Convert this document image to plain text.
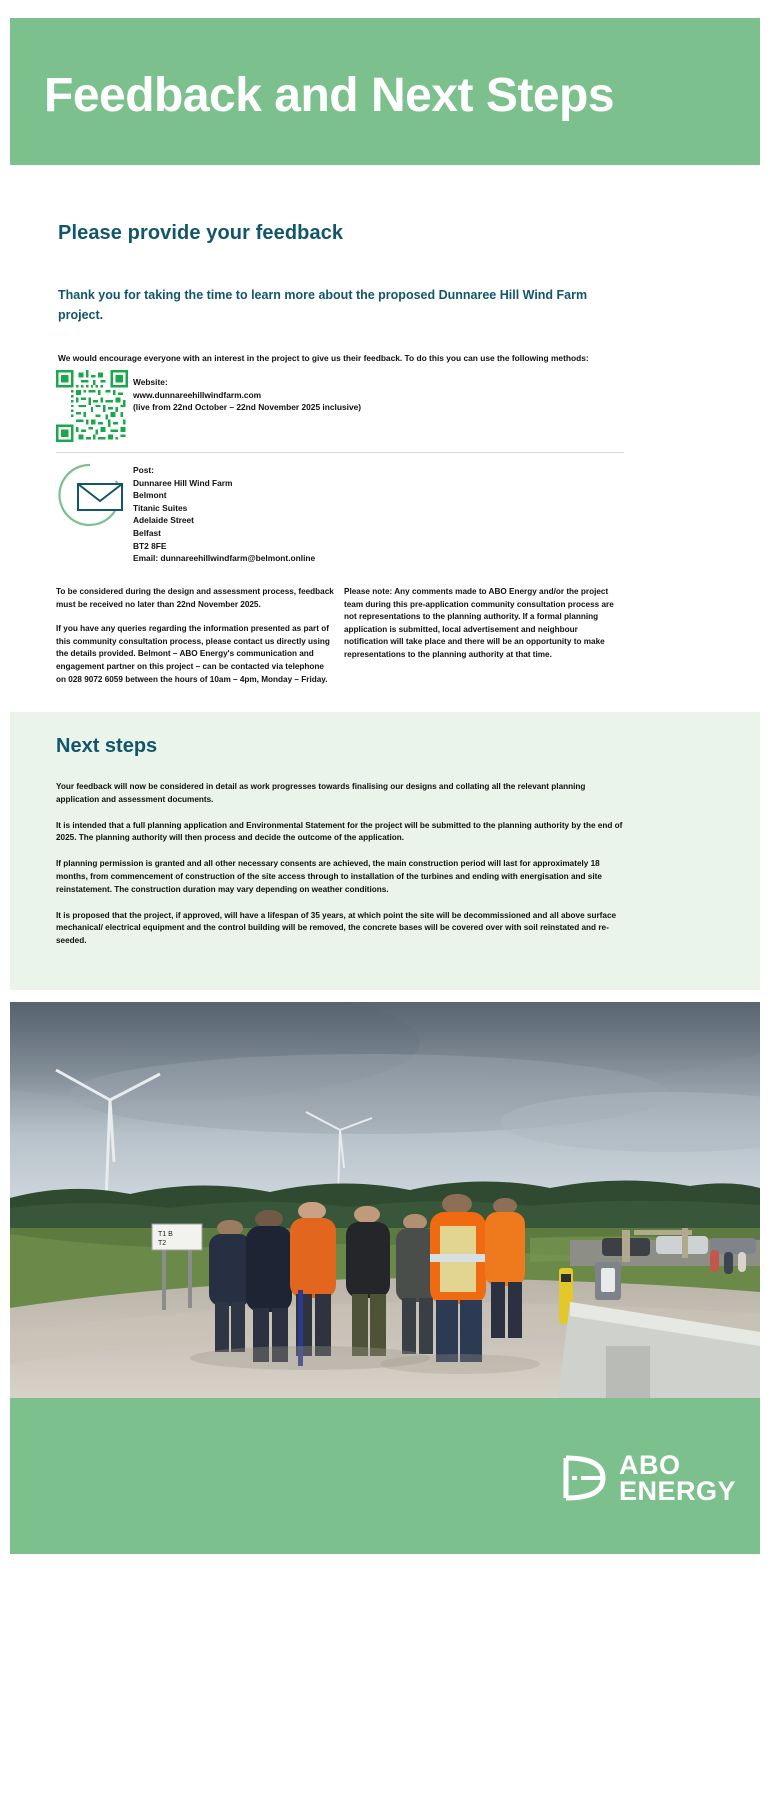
Feedback and Next Steps
Please provide your feedback
Thank you for taking the time to learn more about the proposed Dunnaree Hill Wind Farm project.
We would encourage everyone with an interest in the project to give us their feedback. To do this you can use the following methods:
Website:
www.dunnareehillwindfarm.com
(live from 22nd October – 22nd November 2025 inclusive)
Post:
Dunnaree Hill Wind Farm
Belmont
Titanic Suites
Adelaide Street
Belfast
BT2 8FE
Email: dunnareehillwindfarm@belmont.online

To be considered during the design and assessment process, feedback must be received no later than 22nd November 2025.

If you have any queries regarding the information presented as part of this community consultation process, please contact us directly using the details provided. Belmont – ABO Energy's communication and engagement partner on this project – can be contacted via telephone on 028 9072 6059 between the hours of 10am – 4pm, Monday – Friday.

Please note: Any comments made to ABO Energy and/or the project team during this pre-application community consultation process are not representations to the planning authority. If a formal planning application is submitted, local advertisement and neighbour notification will take place and there will be an opportunity to make representations to the planning authority at that time.

Next steps

Your feedback will now be considered in detail as work progresses towards finalising our designs and collating all the relevant planning application and assessment documents.

It is intended that a full planning application and Environmental Statement for the project will be submitted to the planning authority by the end of 2025. The planning authority will then process and decide the outcome of the application.

If planning permission is granted and all other necessary consents are achieved, the main construction period will last for approximately 18 months, from commencement of construction of the site access through to installation of the turbines and ending with energisation and site reinstatement. The construction duration may vary depending on weather conditions.

It is proposed that the project, if approved, will have a lifespan of 35 years, at which point the site will be decommissioned and all above surface mechanical/ electrical equipment and the control building will be removed, the concrete bases will be covered over with soil reinstated and re-seeded.

T1 B
T2
ABO
ENERGY
